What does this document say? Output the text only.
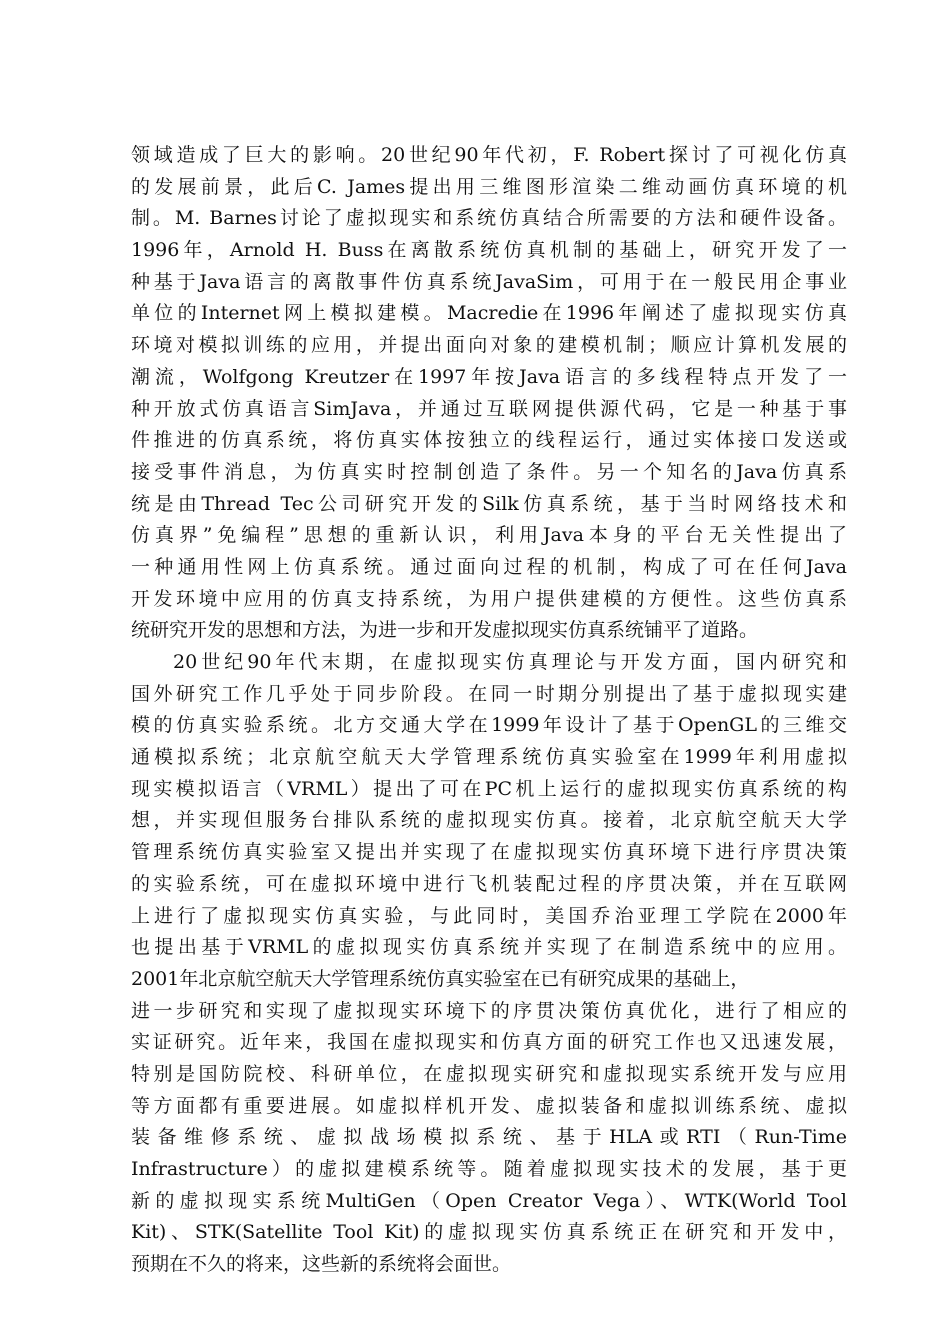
领域造成了巨大的影响。20世纪90年代初，F. Robert探讨了可视化仿真
的发展前景，此后C. James提出用三维图形渲染二维动画仿真环境的机
制。M. Barnes讨论了虚拟现实和系统仿真结合所需要的方法和硬件设备。
1996年，Arnold H. Buss在离散系统仿真机制的基础上，研究开发了一
种基于Java语言的离散事件仿真系统JavaSim，可用于在一般民用企事业
单位的Internet网上模拟建模。Macredie在1996年阐述了虚拟现实仿真
环境对模拟训练的应用，并提出面向对象的建模机制；顺应计算机发展的
潮流，Wolfgong Kreutzer在1997年按Java语言的多线程特点开发了一
种开放式仿真语言SimJava，并通过互联网提供源代码，它是一种基于事
件推进的仿真系统，将仿真实体按独立的线程运行，通过实体接口发送或
接受事件消息，为仿真实时控制创造了条件。另一个知名的Java仿真系
统是由Thread Tec公司研究开发的Silk仿真系统，基于当时网络技术和
仿真界”免编程”思想的重新认识，利用Java本身的平台无关性提出了
一种通用性网上仿真系统。通过面向过程的机制，构成了可在任何Java
开发环境中应用的仿真支持系统，为用户提供建模的方便性。这些仿真系
统研究开发的思想和方法，为进一步和开发虚拟现实仿真系统铺平了道路。
20世纪90年代末期，在虚拟现实仿真理论与开发方面，国内研究和
国外研究工作几乎处于同步阶段。在同一时期分别提出了基于虚拟现实建
模的仿真实验系统。北方交通大学在1999年设计了基于OpenGL的三维交
通模拟系统；北京航空航天大学管理系统仿真实验室在1999年利用虚拟
现实模拟语言（VRML）提出了可在PC机上运行的虚拟现实仿真系统的构
想，并实现但服务台排队系统的虚拟现实仿真。接着，北京航空航天大学
管理系统仿真实验室又提出并实现了在虚拟现实仿真环境下进行序贯决策
的实验系统，可在虚拟环境中进行飞机装配过程的序贯决策，并在互联网
上进行了虚拟现实仿真实验，与此同时，美国乔治亚理工学院在2000年
也提出基于VRML的虚拟现实仿真系统并实现了在制造系统中的应用。
2001年北京航空航天大学管理系统仿真实验室在已有研究成果的基础上，
进一步研究和实现了虚拟现实环境下的序贯决策仿真优化，进行了相应的
实证研究。近年来，我国在虚拟现实和仿真方面的研究工作也又迅速发展，
特别是国防院校、科研单位，在虚拟现实研究和虚拟现实系统开发与应用
等方面都有重要进展。如虚拟样机开发、虚拟装备和虚拟训练系统、虚拟
装备维修系统、虚拟战场模拟系统、基于HLA或RTI（Run-Time
Infrastructure）的虚拟建模系统等。随着虚拟现实技术的发展，基于更
新的虚拟现实系统MultiGen（Open Creator Vega）、WTK(World Tool
Kit)、STK(Satellite Tool Kit)的虚拟现实仿真系统正在研究和开发中，
预期在不久的将来，这些新的系统将会面世。
